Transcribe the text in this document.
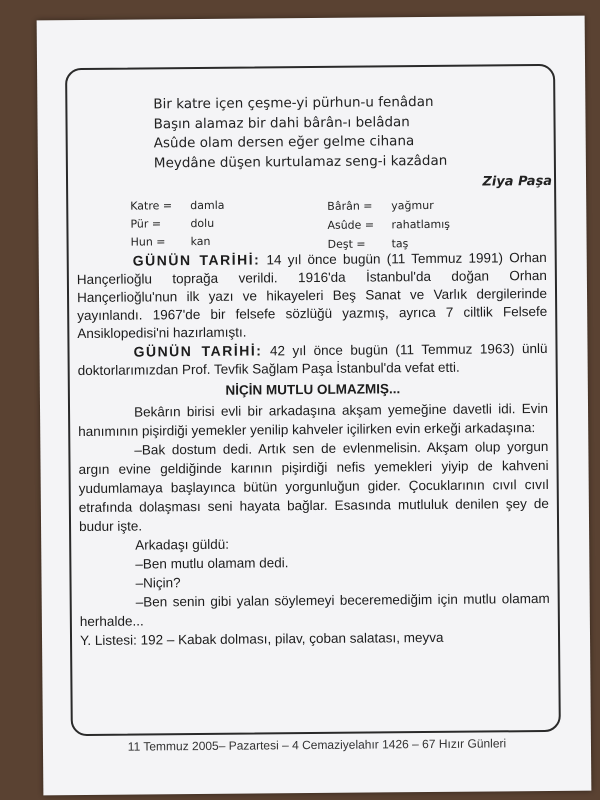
Bir katre içen çeşme-yi pürhun-u fenâdan
Başın alamaz bir dahi bârân-ı belâdan
Asûde olam dersen eğer gelme cihana
Meydâne düşen kurtulamaz seng-i kazâdan
Ziya Paşa
Katre = damla
Pür =	dolu
Hun = kan
Bârân = yağmur
Asûde = rahatlamış
Deşt = taş

GÜNÜN TARİHİ: 14 yıl önce bugün (11 Temmuz 1991) Orhan Hançerlioğlu toprağa verildi. 1916'da İstanbul'da doğan Orhan Hançerlioğlu'nun ilk yazı ve hikayeleri Beş Sanat ve Varlık dergilerinde yayınlandı. 1967'de bir felsefe sözlüğü yazmış, ayrıca 7 ciltlik Felsefe Ansiklopedisi'ni hazırlamıştı.

GÜNÜN TARİHİ: 42 yıl önce bugün (11 Temmuz 1963) ünlü doktorlarımızdan Prof. Tevfik Sağlam Paşa İstanbul'da vefat etti.

NİÇİN MUTLU OLMAZMIŞ...

Bekârın birisi evli bir arkadaşına akşam yemeğine davetli idi. Evin hanımının pişirdiği yemekler yenilip kahveler içilirken evin erkeği arkadaşına:

–Bak dostum dedi. Artık sen de evlenmelisin. Akşam olup yorgun argın evine geldiğinde karının pişirdiği nefis yemekleri yiyip de kahveni yudumlamaya başlayınca bütün yorgunluğun gider. Çocuklarının cıvıl cıvıl etrafında dolaşması seni hayata bağlar. Esasında mutluluk denilen şey de budur işte.

Arkadaşı güldü:

–Ben mutlu olamam dedi.

–Niçin?

–Ben senin gibi yalan söylemeyi beceremediğim için mutlu olamam herhalde...

Y. Listesi: 192 – Kabak dolması, pilav, çoban salatası, meyva

11 Temmuz 2005– Pazartesi – 4 Cemaziyelahır 1426 – 67 Hızır Günleri
